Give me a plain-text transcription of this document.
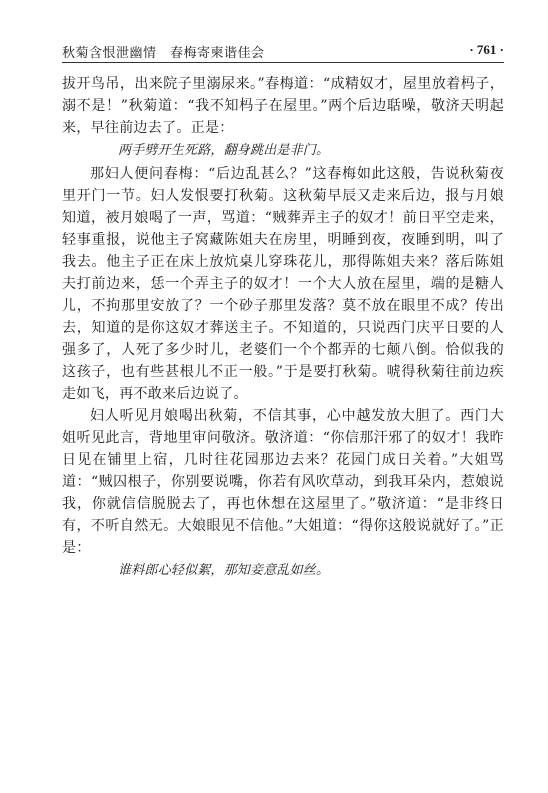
秋菊含恨泄幽情　春梅寄柬谐佳会	· 761 ·

拔开鸟吊，出来院子里溺尿来。”春梅道：“成精奴才，屋里放着杩子，溺不是！”秋菊道：“我不知杩子在屋里。”两个后边聒噪，敬济天明起来，早往前边去了。正是：

两手劈开生死路，翻身跳出是非门。

那妇人便问春梅：“后边乱甚么？”这春梅如此这般，告说秋菊夜里开门一节。妇人发恨要打秋菊。这秋菊早辰又走来后边，报与月娘知道，被月娘喝了一声，骂道：“贼葬弄主子的奴才！前日平空走来，轻事重报，说他主子窝藏陈姐夫在房里，明睡到夜，夜睡到明，叫了我去。他主子正在床上放炕桌儿穿珠花儿，那得陈姐夫来？落后陈姐夫打前边来，恁一个弄主子的奴才！一个大人放在屋里，端的是糖人儿，不拘那里安放了？一个砂子那里发落？莫不放在眼里不成？传出去，知道的是你这奴才葬送主子。不知道的，只说西门庆平日要的人强多了，人死了多少时儿，老婆们一个个都弄的七颠八倒。恰似我的这孩子，也有些甚根儿不正一般。”于是要打秋菊。唬得秋菊往前边疾走如飞，再不敢来后边说了。

妇人听见月娘喝出秋菊，不信其事，心中越发放大胆了。西门大姐听见此言，背地里审问敬济。敬济道：“你信那汗邪了的奴才！我昨日见在铺里上宿，几时往花园那边去来？花园门成日关着。”大姐骂道：“贼囚根子，你别要说嘴，你若有风吹草动，到我耳朵内，惹娘说我，你就信信脱脱去了，再也休想在这屋里了。”敬济道：“是非终日有，不听自然无。大娘眼见不信他。”大姐道：“得你这般说就好了。”正是：

谁料郎心轻似絮，那知妾意乱如丝。
